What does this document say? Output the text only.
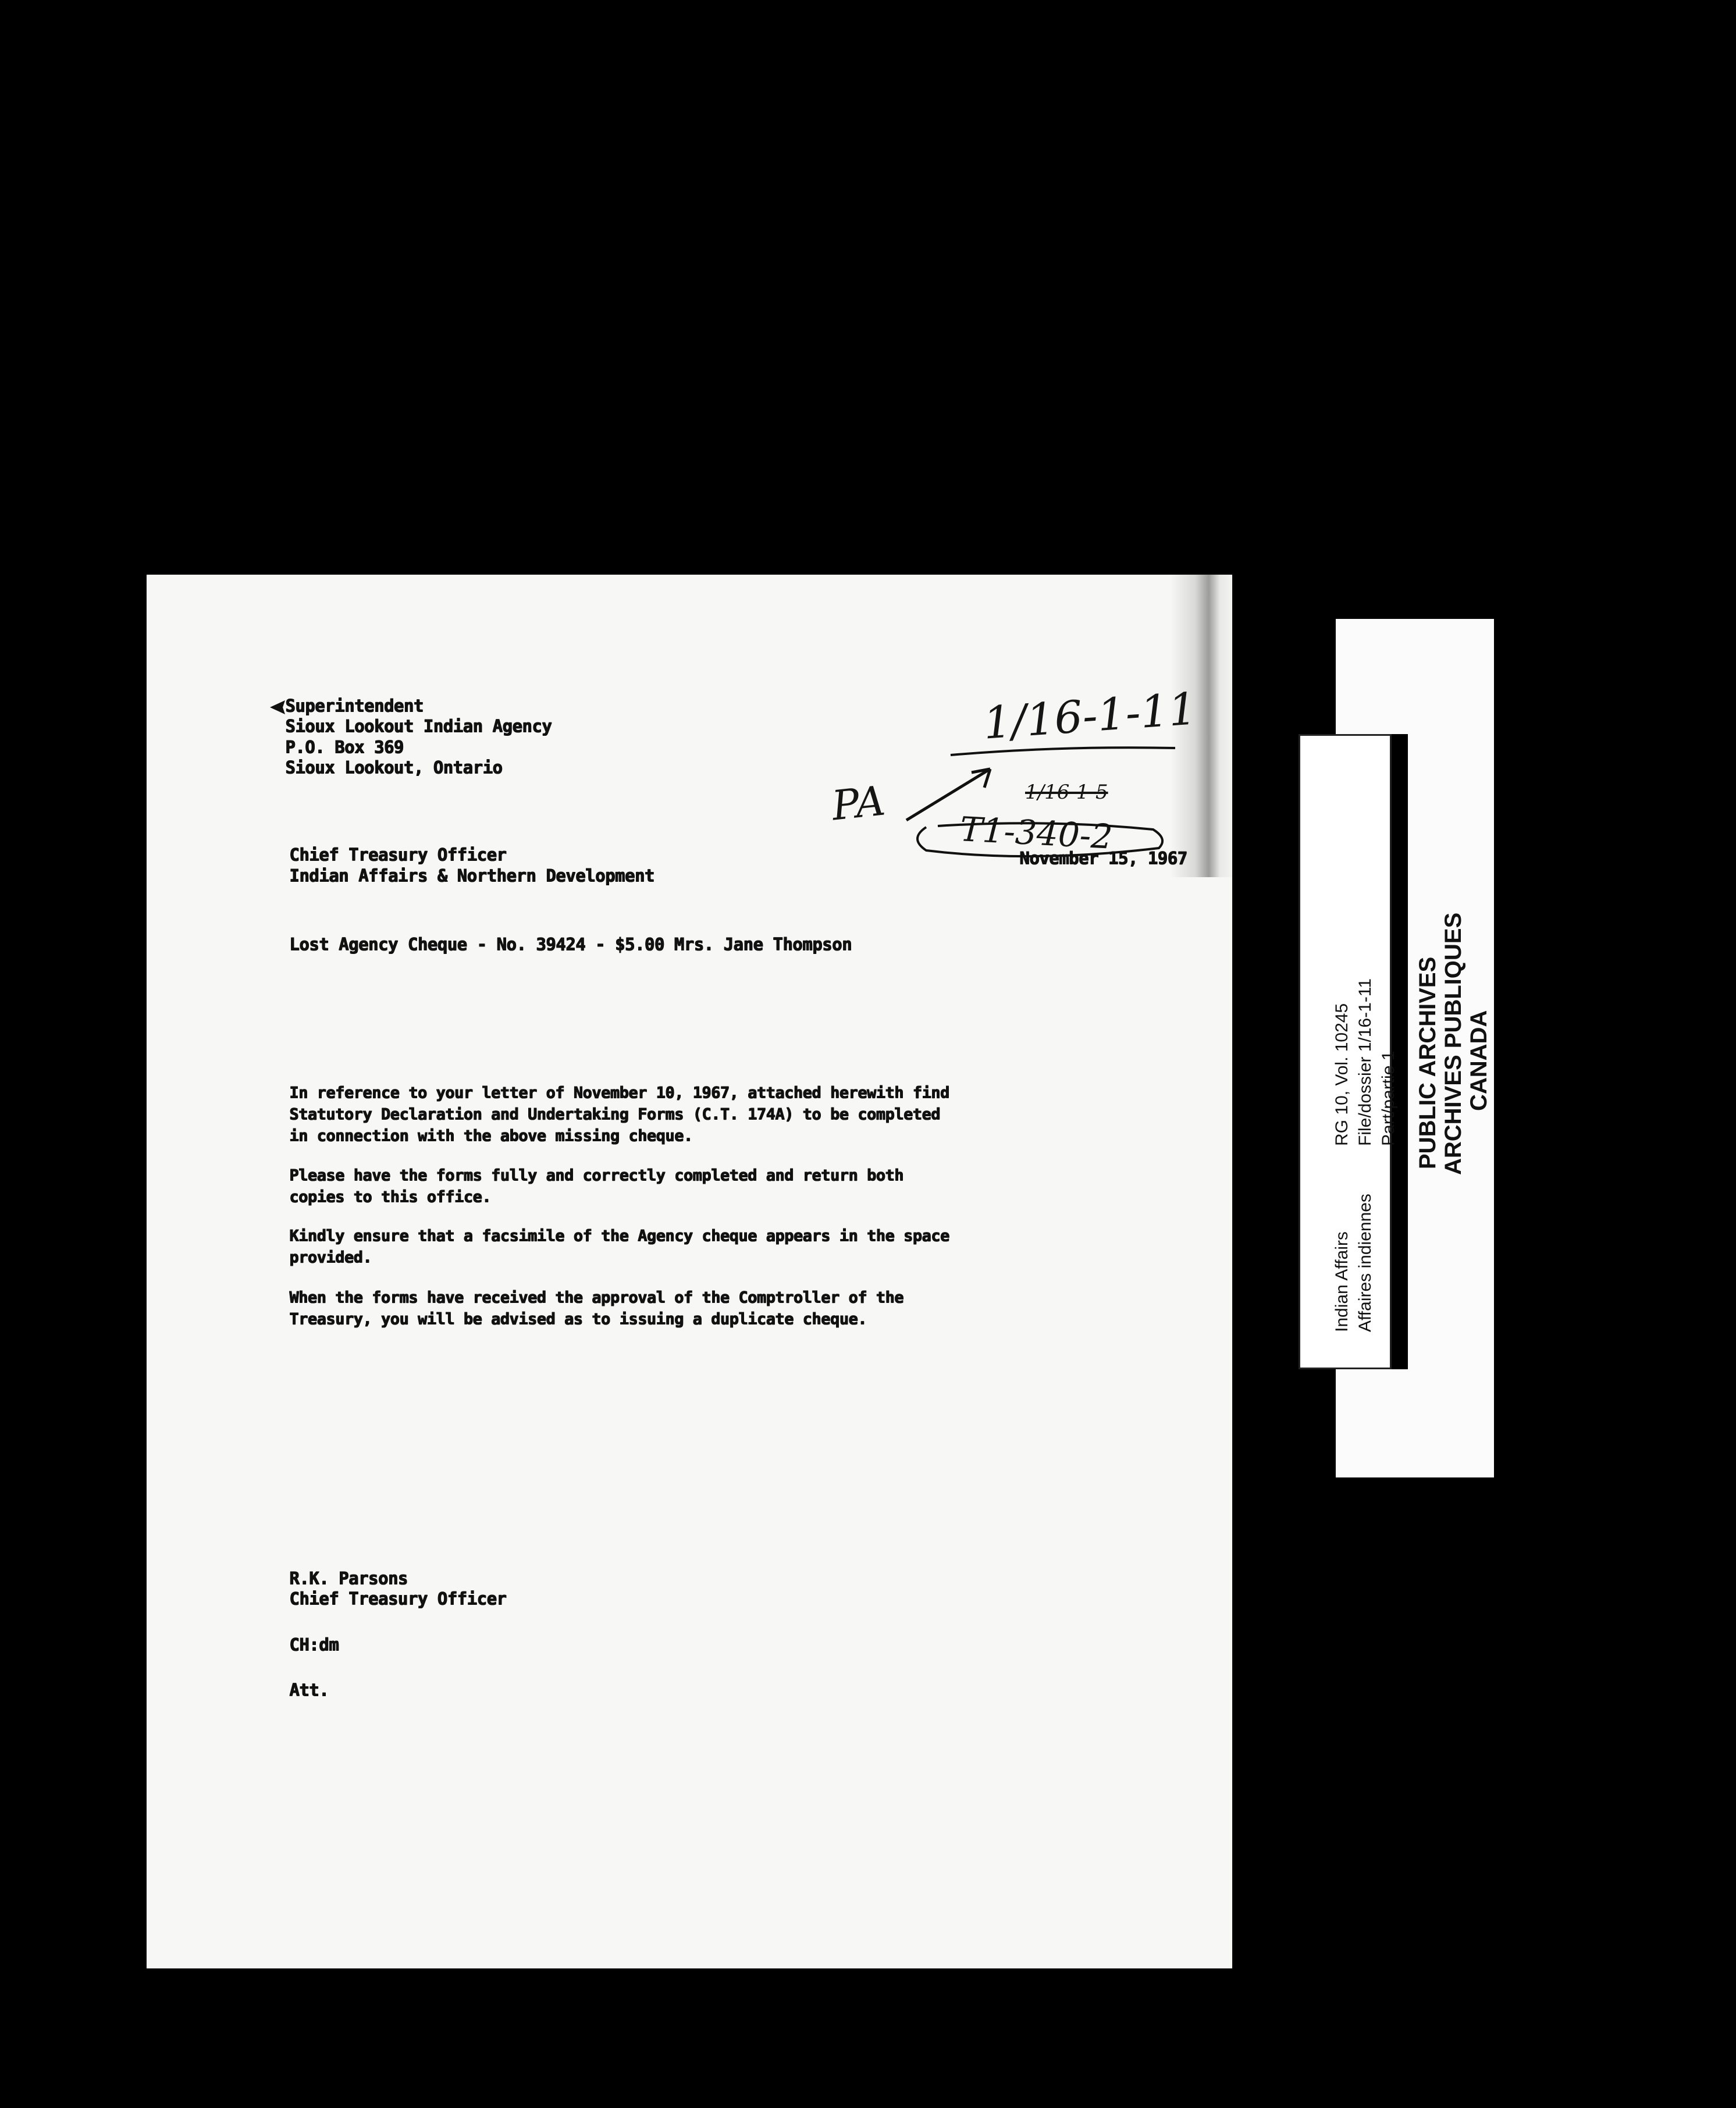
Superintendent
Sioux Lookout Indian Agency
P.O. Box 369
Sioux Lookout, Ontario
November 15, 1967
Chief Treasury Officer
Indian Affairs & Northern Development
Lost Agency Cheque - No. 39424 - $5.00 Mrs. Jane Thompson
In reference to your letter of November 10, 1967, attached herewith find
Statutory Declaration and Undertaking Forms (C.T. 174A) to be completed
in connection with the above missing cheque.
Please have the forms fully and correctly completed and return both
copies to this office.
Kindly ensure that a facsimile of the Agency cheque appears in the space
provided.
When the forms have received the approval of the Comptroller of the
Treasury, you will be advised as to issuing a duplicate cheque.
R.K. Parsons
Chief Treasury Officer
CH:dm
Att.
1/16-1-11
PA	1/16-1-5
T1-340-2
Indian Affairs Affaires indiennes
RG 10, Vol. 10245 File/dossier 1/16-1-11 Part/partie 1 PUBLIC ARCHIVES ARCHIVES PUBLIQUES CANADA
